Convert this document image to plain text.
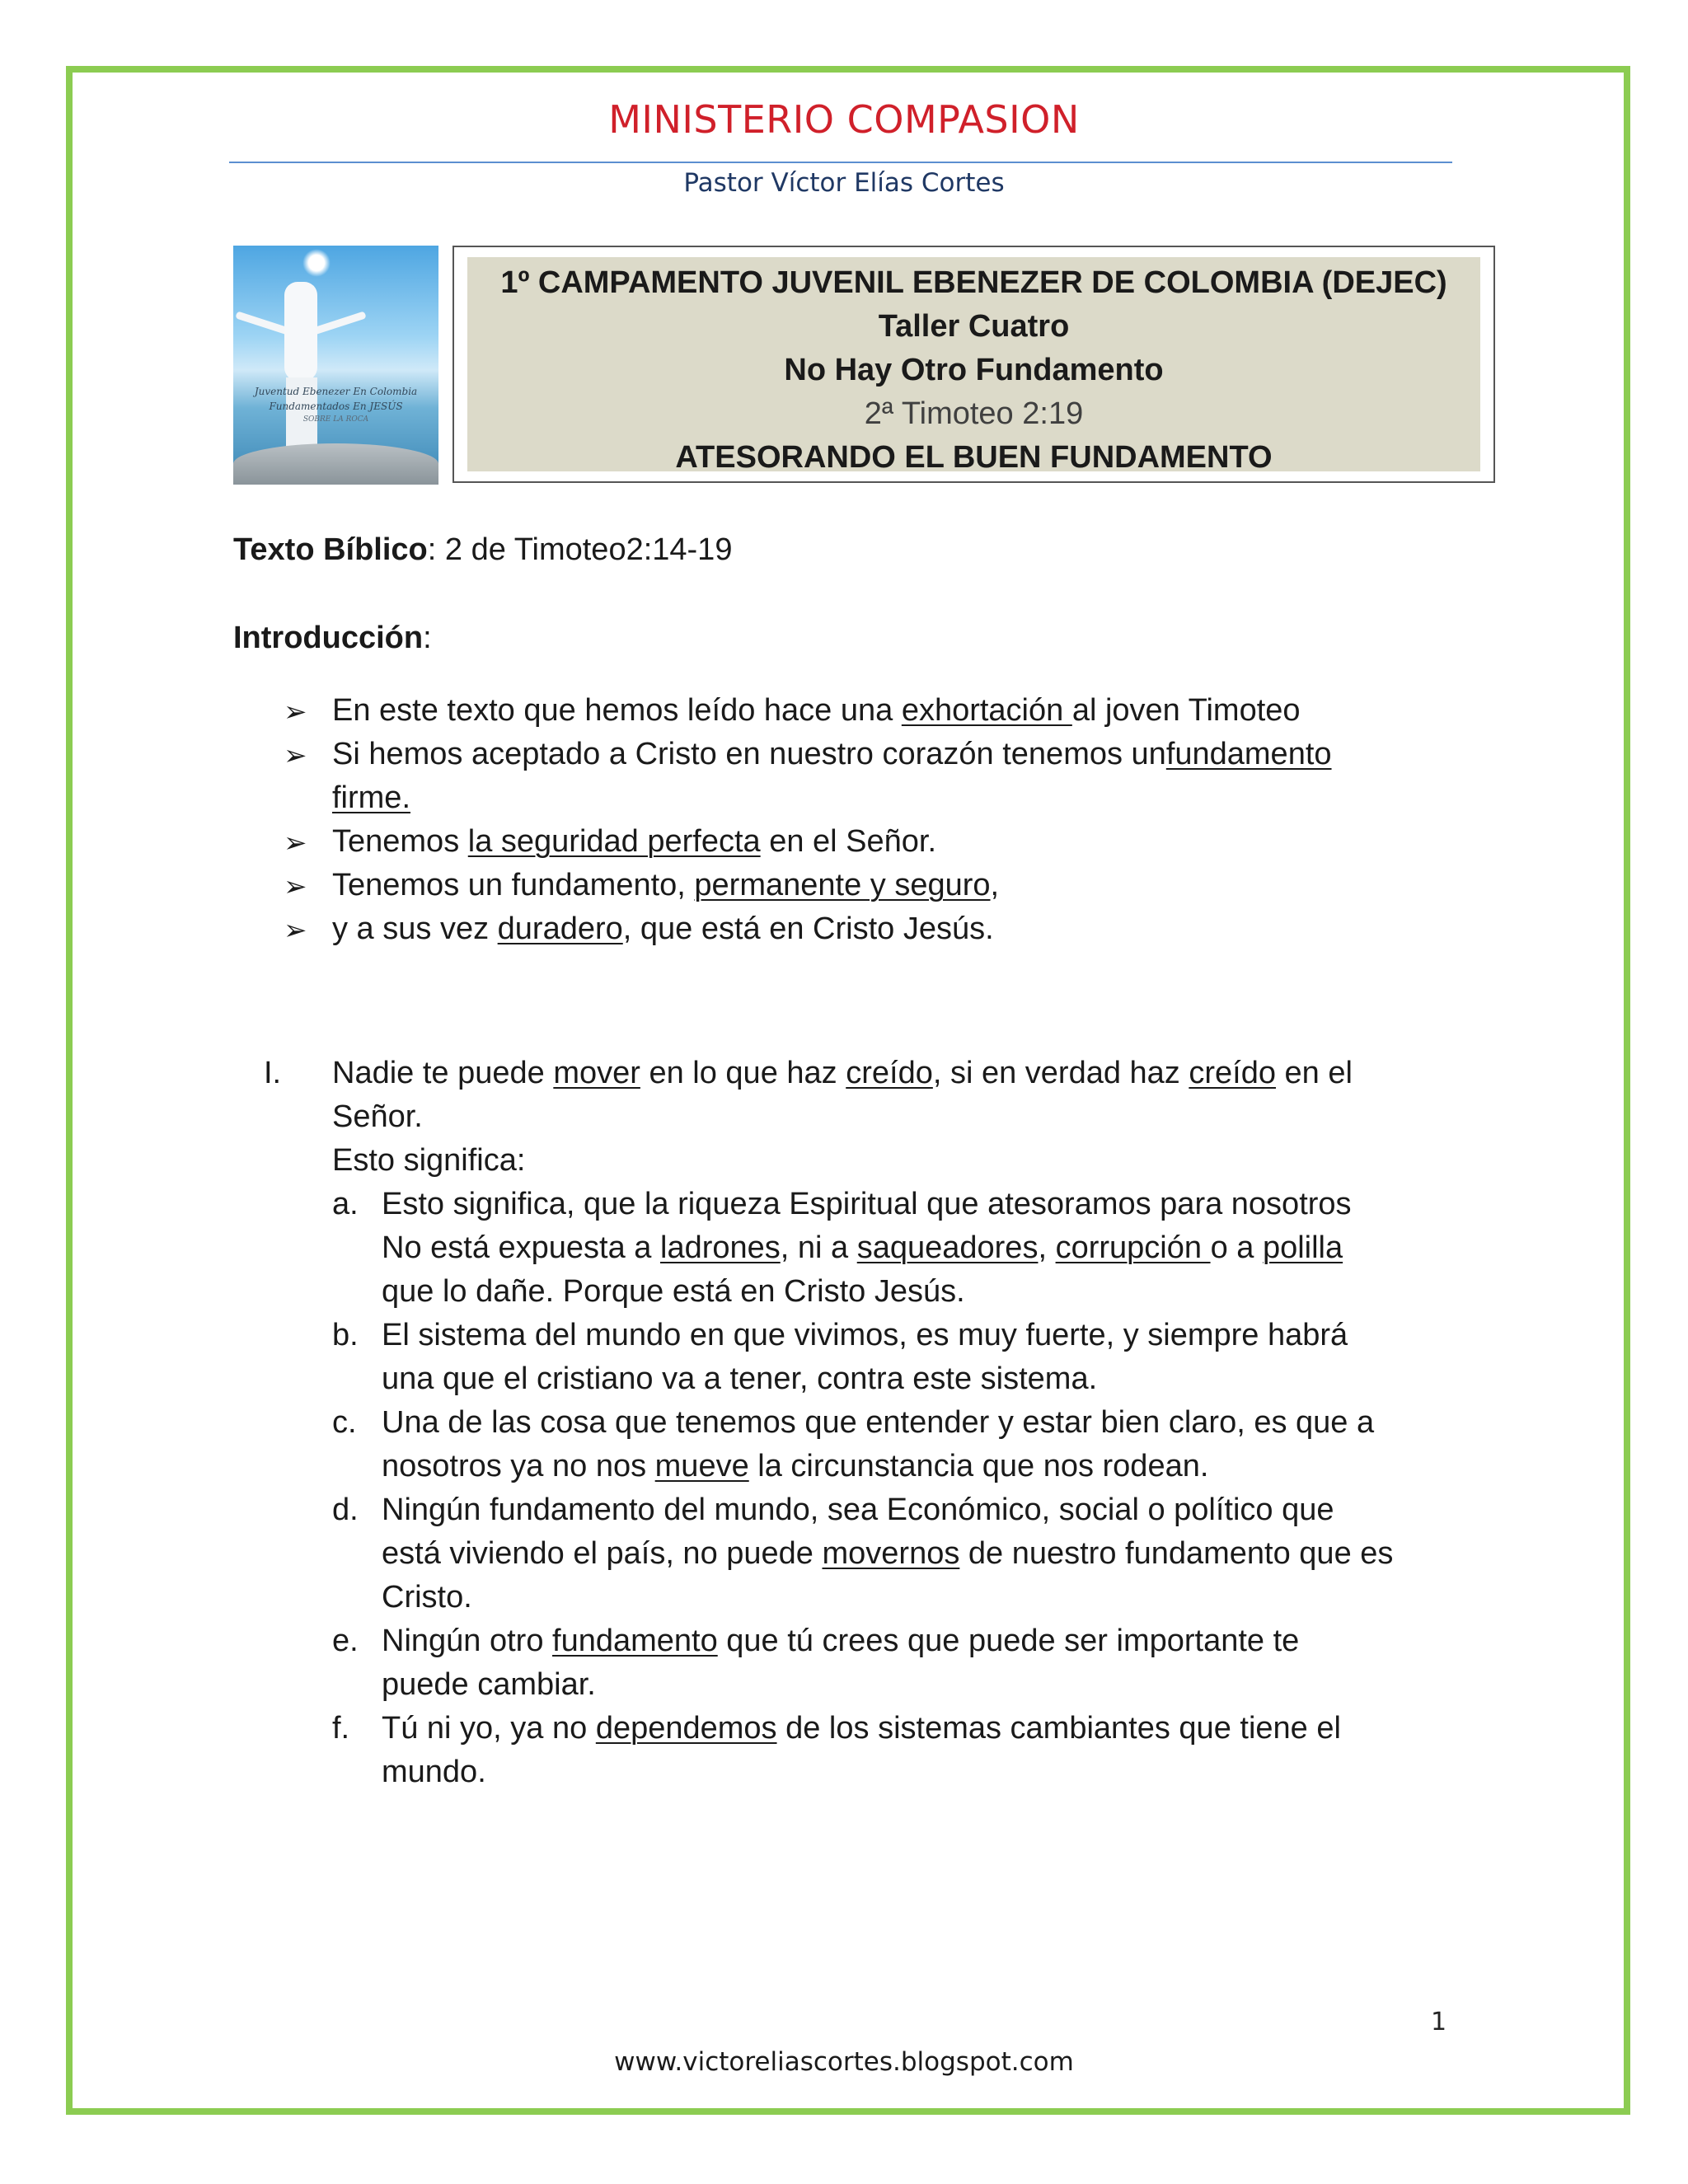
MINISTERIO COMPASION
Pastor Víctor Elías Cortes
Juventud Ebenezer En Colombia
Fundamentados En JESÚS
SOBRE LA ROCA
1º CAMPAMENTO JUVENIL EBENEZER DE COLOMBIA (DEJEC)
Taller Cuatro
No Hay Otro Fundamento
2ª Timoteo 2:19
ATESORANDO EL BUEN FUNDAMENTO
Texto Bíblico: 2 de Timoteo2:14-19
Introducción:
➢ En este texto que hemos leído hace una exhortación al joven Timoteo
➢ Si hemos aceptado a Cristo en nuestro corazón tenemos unfundamento
firme.
➢ Tenemos la seguridad perfecta en el Señor.
➢ Tenemos un fundamento, permanente y seguro,
➢ y a sus vez duradero, que está en Cristo Jesús.
I. Nadie te puede mover en lo que haz creído, si en verdad haz creído en el
Señor.
Esto significa:
a. Esto significa, que la riqueza Espiritual que atesoramos para nosotros
No está expuesta a ladrones, ni a saqueadores, corrupción o a polilla
que lo dañe. Porque está en Cristo Jesús.
b. El sistema del mundo en que vivimos, es muy fuerte, y siempre habrá
una que el cristiano va a tener, contra este sistema.
c. Una de las cosa que tenemos que entender y estar bien claro, es que a
nosotros ya no nos mueve la circunstancia que nos rodean.
d. Ningún fundamento del mundo, sea Económico, social o político que
está viviendo el país, no puede movernos de nuestro fundamento que es
Cristo.
e. Ningún otro fundamento que tú crees que puede ser importante te
puede cambiar.
f. Tú ni yo, ya no dependemos de los sistemas cambiantes que tiene el
mundo.
1
www.victoreliascortes.blogspot.com
